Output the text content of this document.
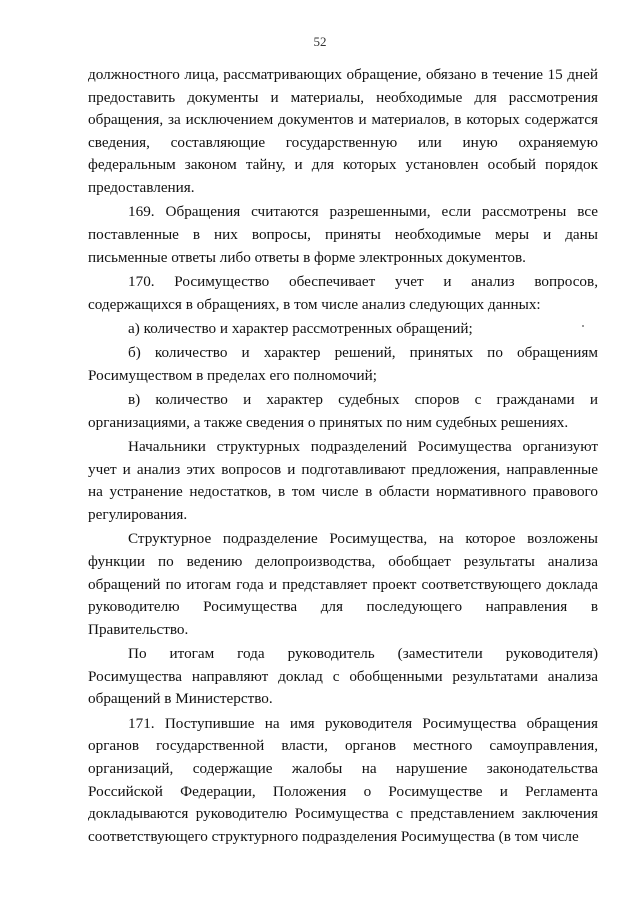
52

должностного лица, рассматривающих обращение, обязано в течение 15 дней предоставить документы и материалы, необходимые для рассмотрения обращения, за исключением документов и материалов, в которых содержатся сведения, составляющие государственную или иную охраняемую федеральным законом тайну, и для которых установлен особый порядок предоставления.

169. Обращения считаются разрешенными, если рассмотрены все поставленные в них вопросы, приняты необходимые меры и даны письменные ответы либо ответы в форме электронных документов.

170. Росимущество обеспечивает учет и анализ вопросов, содержащихся в обращениях, в том числе анализ следующих данных:

а) количество и характер рассмотренных обращений;

б) количество и характер решений, принятых по обращениям Росимуществом в пределах его полномочий;

в) количество и характер судебных споров с гражданами и организациями, а также сведения о принятых по ним судебных решениях.

Начальники структурных подразделений Росимущества организуют учет и анализ этих вопросов и подготавливают предложения, направленные на устранение недостатков, в том числе в области нормативного правового регулирования.

Структурное подразделение Росимущества, на которое возложены функции по ведению делопроизводства, обобщает результаты анализа обращений по итогам года и представляет проект соответствующего доклада руководителю Росимущества для последующего направления в Правительство.

По итогам года руководитель (заместители руководителя) Росимущества направляют доклад с обобщенными результатами анализа обращений в Министерство.

171. Поступившие на имя руководителя Росимущества обращения органов государственной власти, органов местного самоуправления, организаций, содержащие жалобы на нарушение законодательства Российской Федерации, Положения о Росимуществе и Регламента докладываются руководителю Росимущества с представлением заключения соответствующего структурного подразделения Росимущества (в том числе
